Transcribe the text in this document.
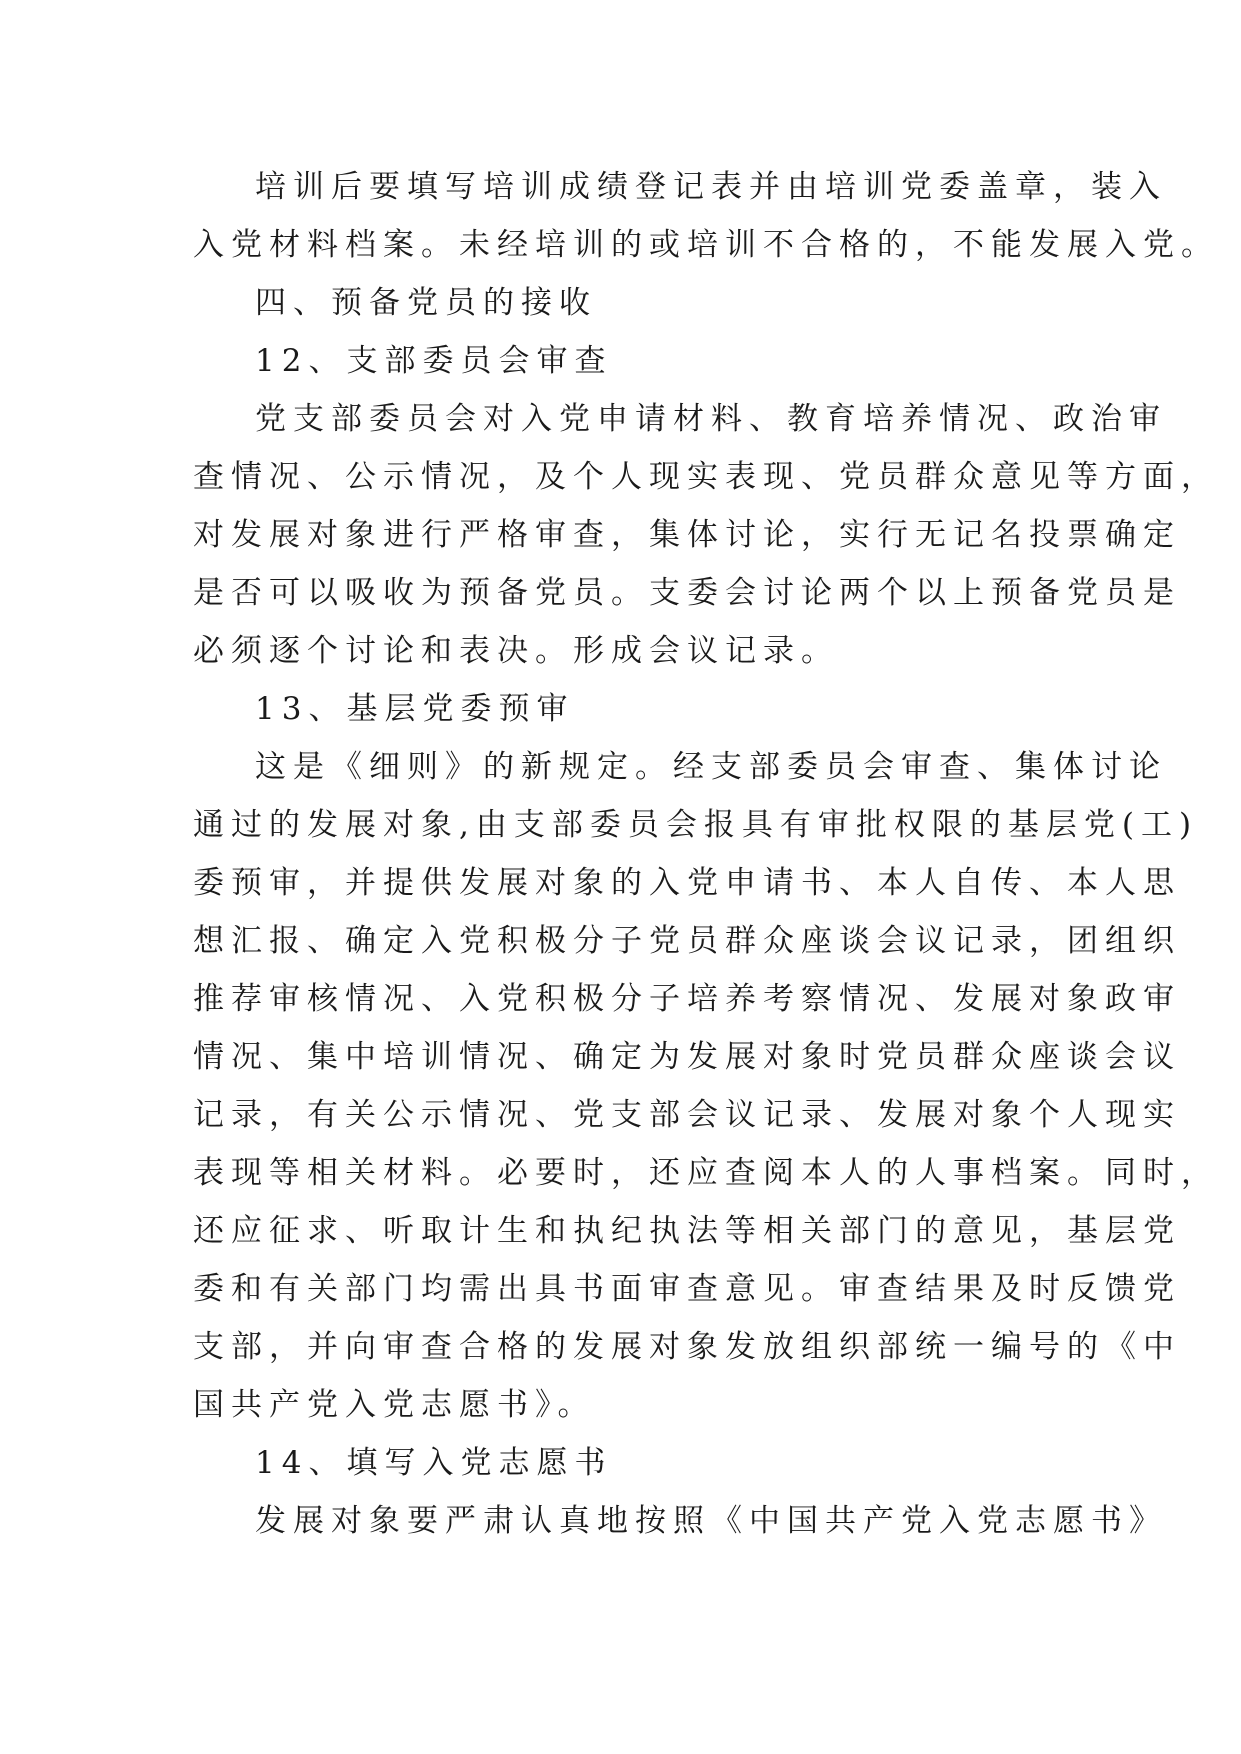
培训后要填写培训成绩登记表并由培训党委盖章，装入
入党材料档案。未经培训的或培训不合格的，不能发展入党。
四、预备党员的接收
12、支部委员会审查
党支部委员会对入党申请材料、教育培养情况、政治审
查情况、公示情况，及个人现实表现、党员群众意见等方面，
对发展对象进行严格审查，集体讨论，实行无记名投票确定
是否可以吸收为预备党员。支委会讨论两个以上预备党员是
必须逐个讨论和表决。形成会议记录。
13、基层党委预审
这是《细则》的新规定。经支部委员会审查、集体讨论
通过的发展对象,由支部委员会报具有审批权限的基层党(工)
委预审，并提供发展对象的入党申请书、本人自传、本人思
想汇报、确定入党积极分子党员群众座谈会议记录，团组织
推荐审核情况、入党积极分子培养考察情况、发展对象政审
情况、集中培训情况、确定为发展对象时党员群众座谈会议
记录，有关公示情况、党支部会议记录、发展对象个人现实
表现等相关材料。必要时，还应查阅本人的人事档案。同时，
还应征求、听取计生和执纪执法等相关部门的意见，基层党
委和有关部门均需出具书面审查意见。审查结果及时反馈党
支部，并向审查合格的发展对象发放组织部统一编号的《中
国共产党入党志愿书》。
14、填写入党志愿书
发展对象要严肃认真地按照《中国共产党入党志愿书》
